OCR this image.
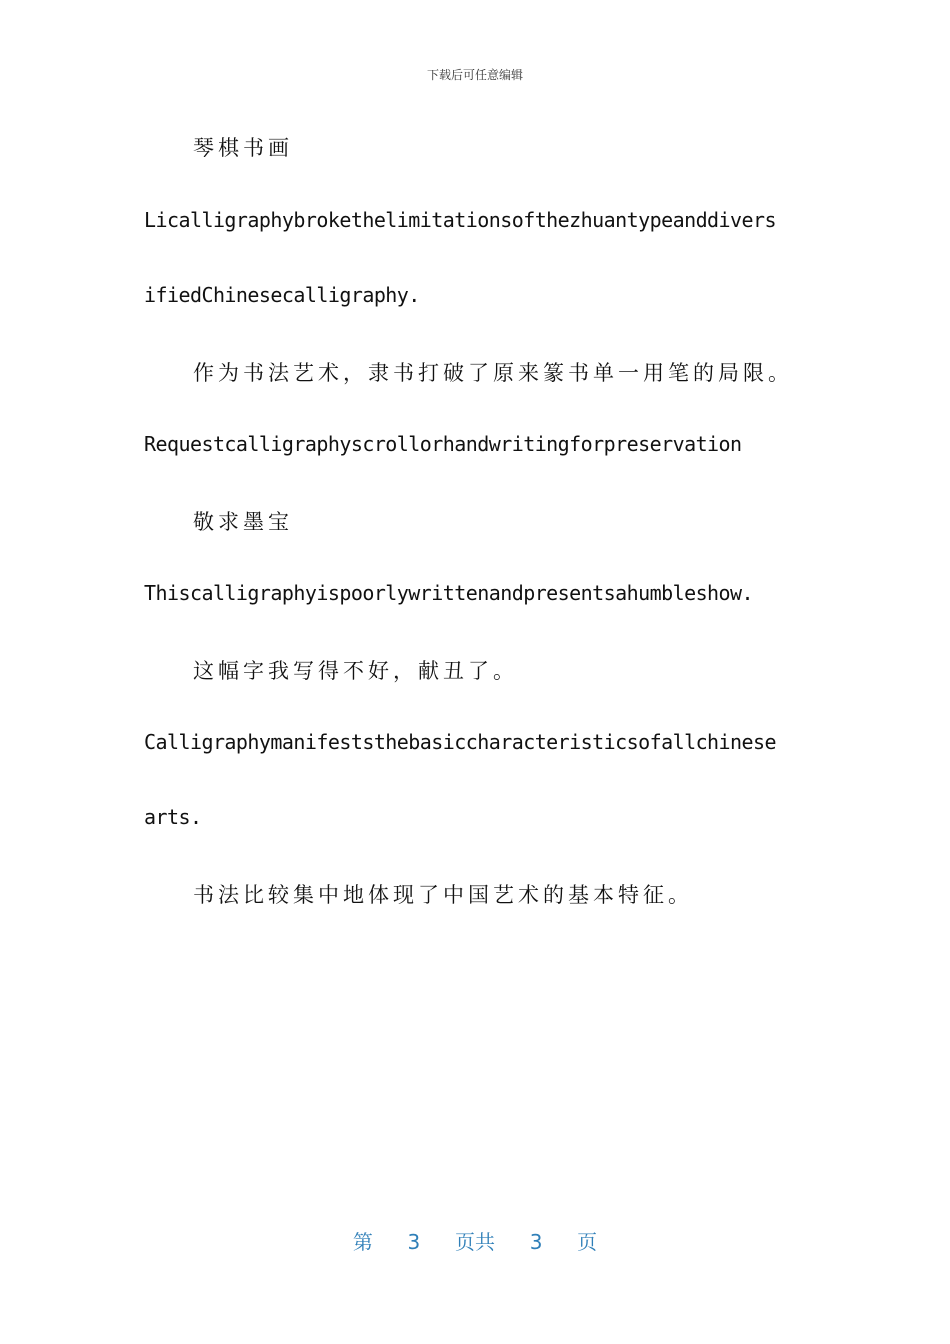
下载后可任意编辑
琴棋书画
Licalligraphybrokethelimitationsofthezhuantypeanddivers
ifiedChinesecalligraphy.
作为书法艺术，隶书打破了原来篆书单一用笔的局限。
Requestcalligraphyscrollorhandwritingforpreservation
敬求墨宝
Thiscalligraphyispoorlywrittenandpresentsahumbleshow.
这幅字我写得不好，献丑了。
Calligraphymanifeststhebasiccharacteristicsofallchinese
arts.
书法比较集中地体现了中国艺术的基本特征。
第 3 页共 3 页
